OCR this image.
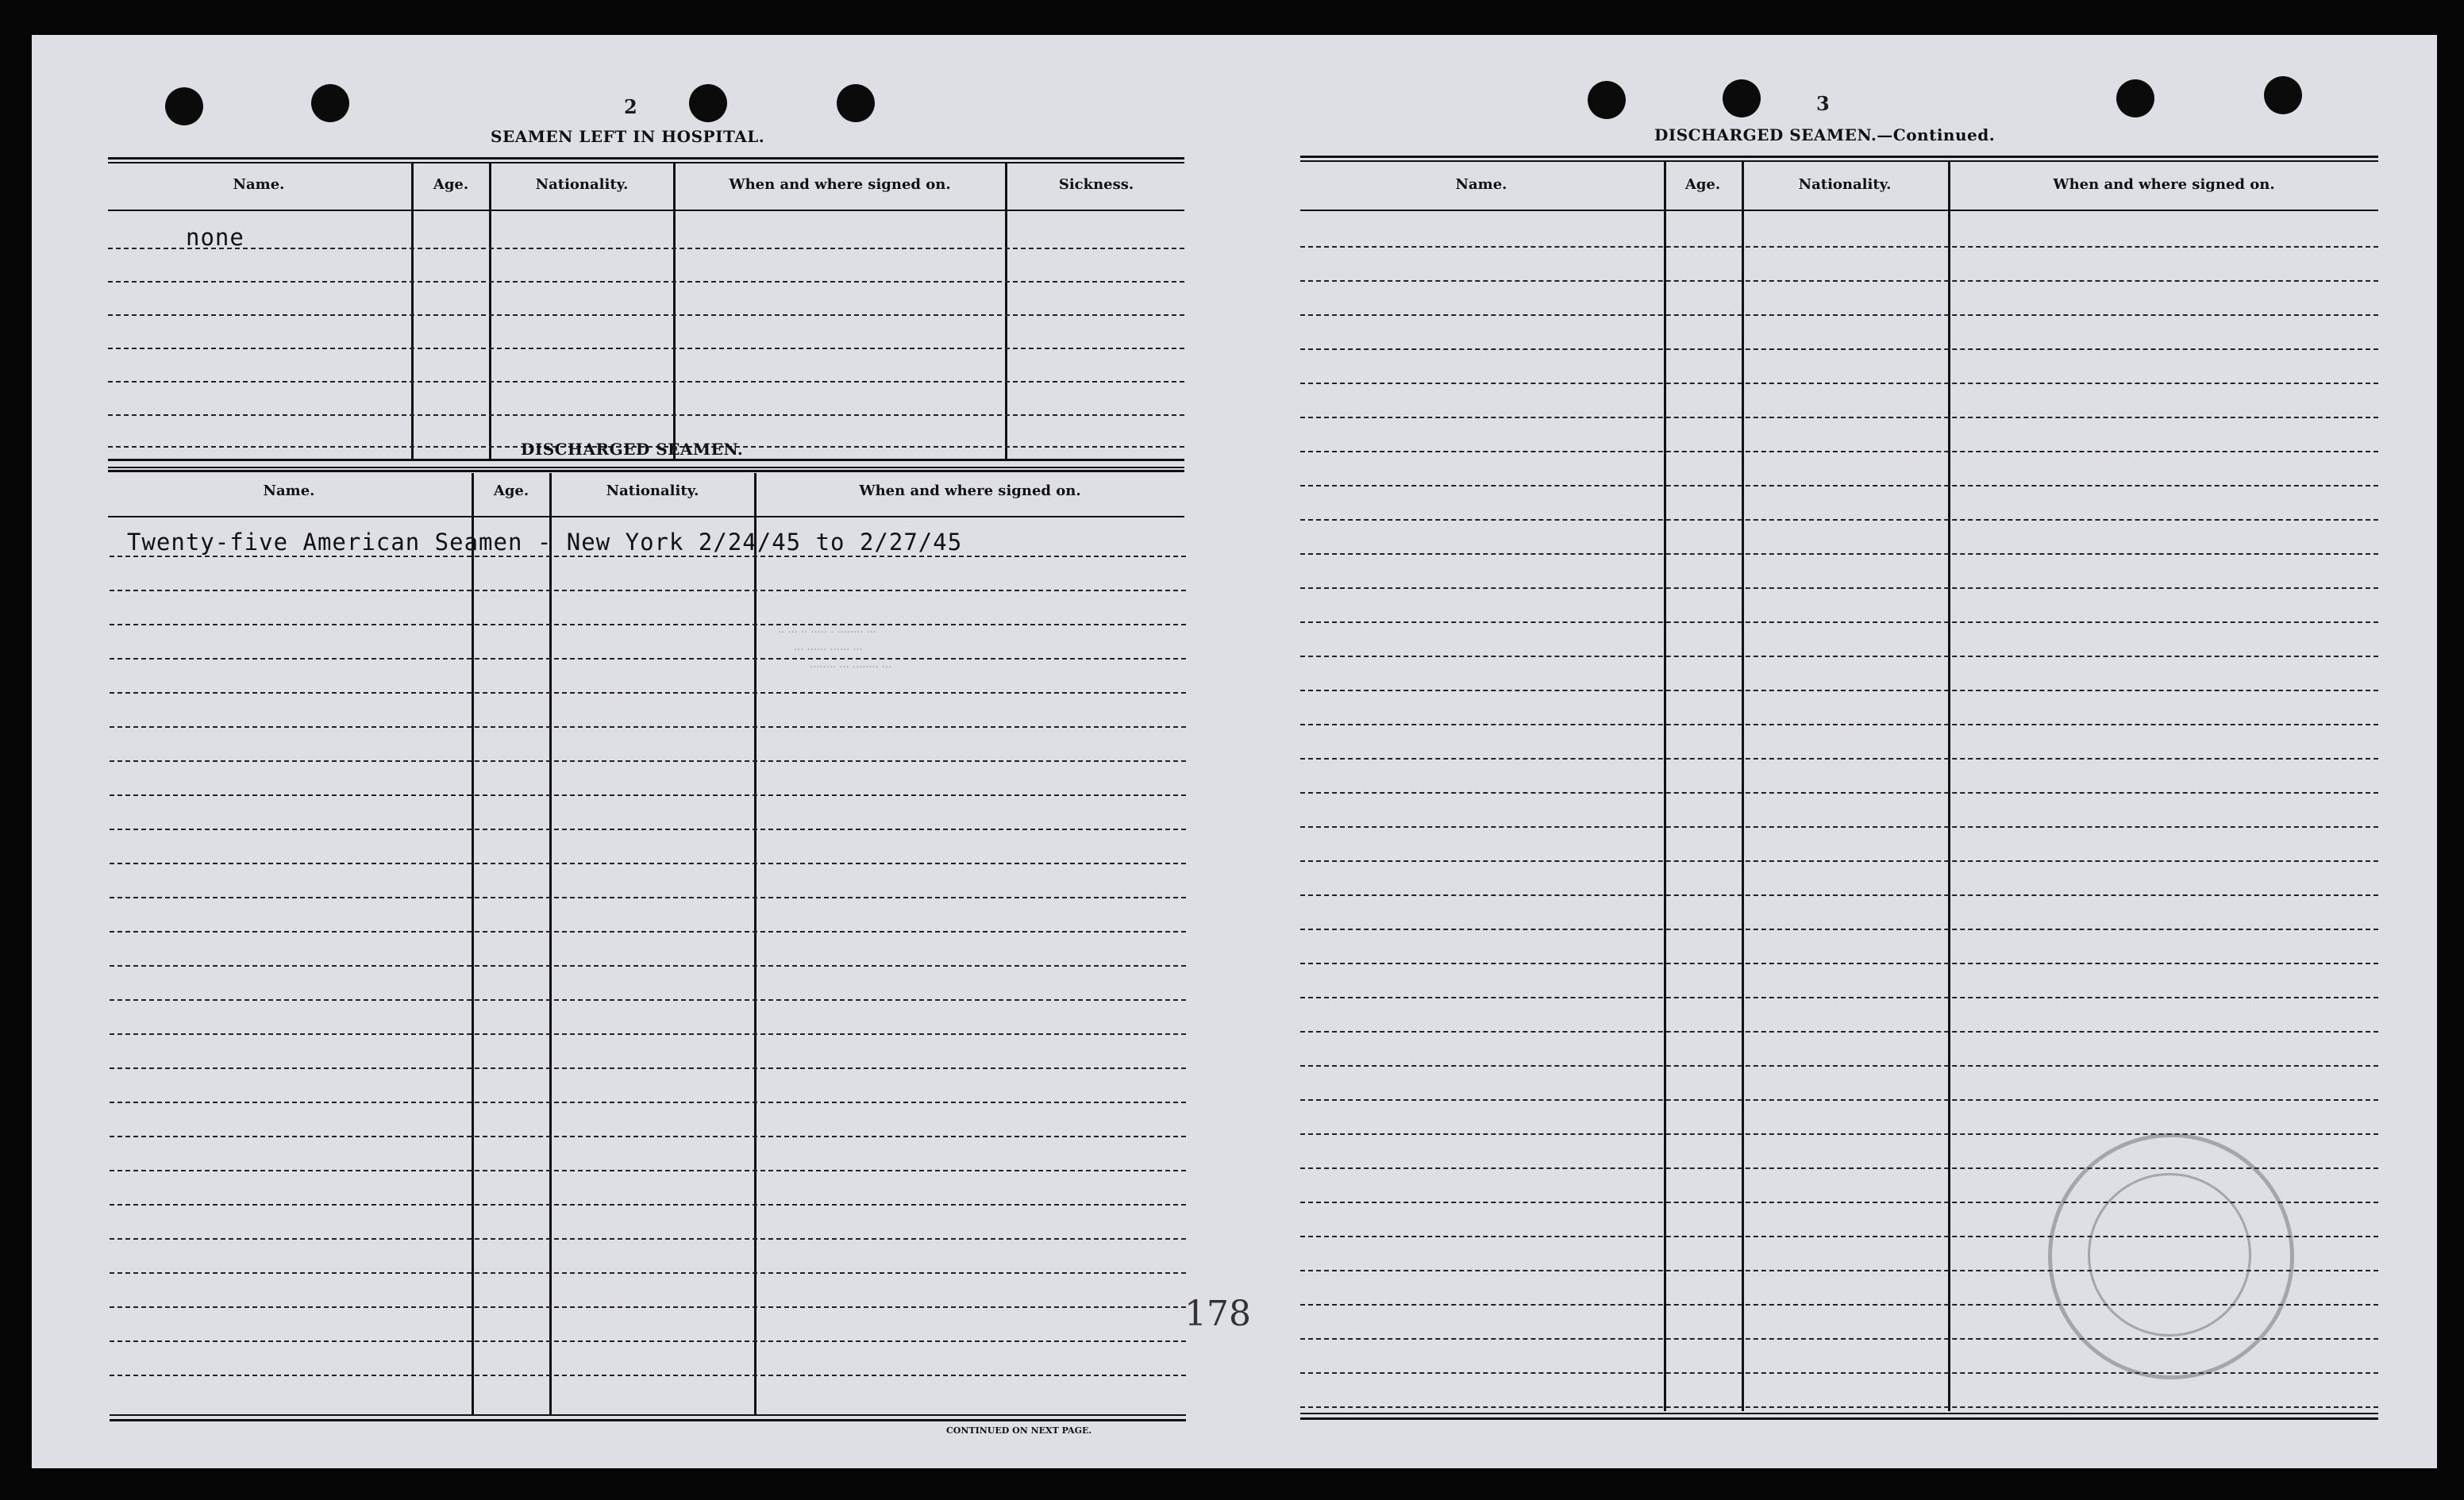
·· ··· ·· ····· · ········ ···
··· ······ ······ ···
········ ··· ········ ···
2
SEAMEN LEFT IN HOSPITAL.
Name.	Age.	Nationality.	When and where signed on.	Sickness.
none
DISCHARGED SEAMEN.
Name.	Age.	Nationality.	When and where signed on.
Twenty-five American Seamen - New York 2/24/45 to 2/27/45
CONTINUED ON NEXT PAGE.
178
3
DISCHARGED SEAMEN.—Continued.
Name.	Age.	Nationality.	When and where signed on.
